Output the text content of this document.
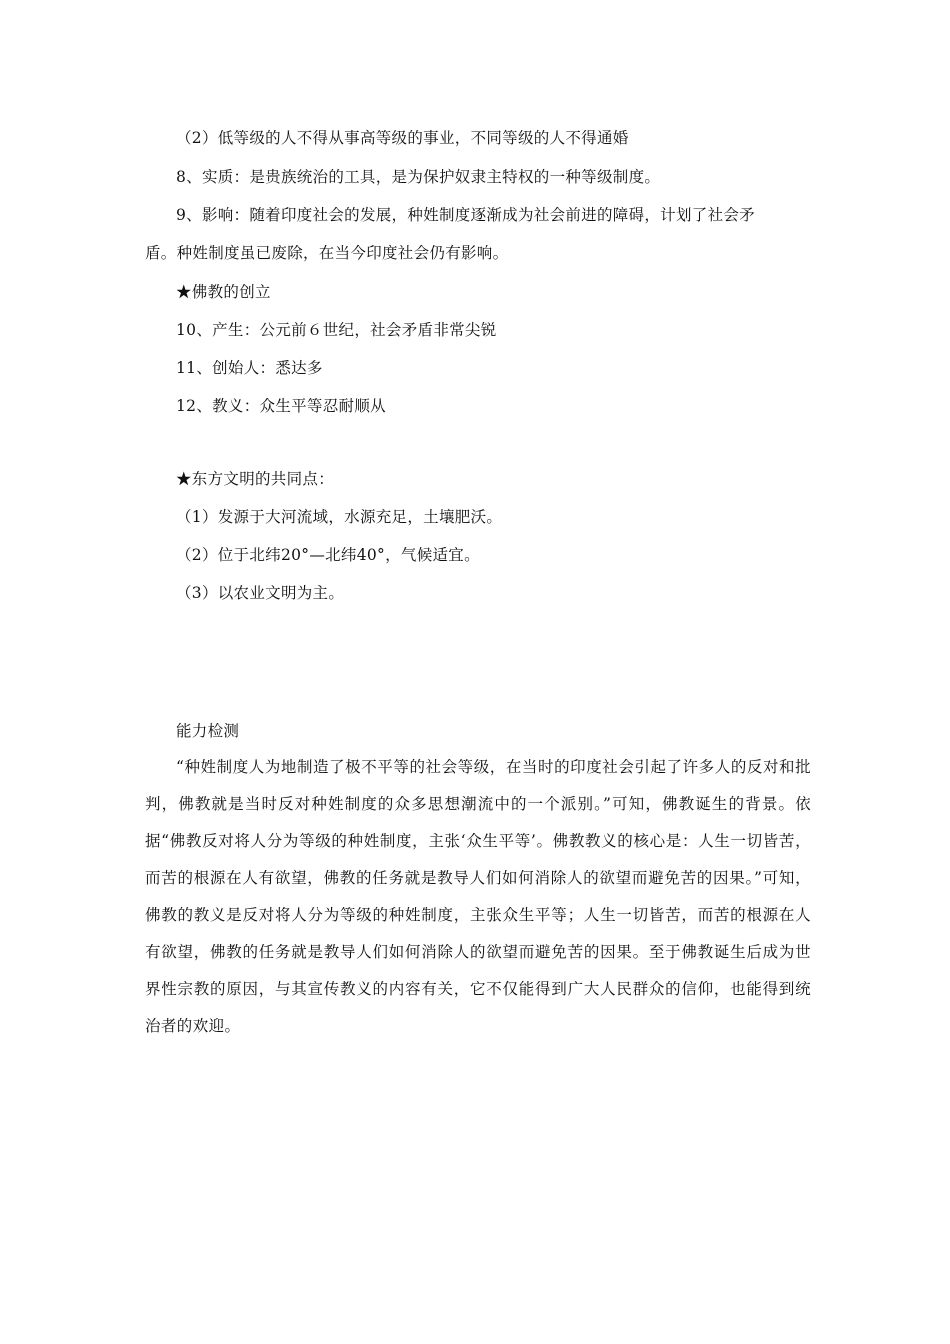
（2）低等级的人不得从事高等级的事业，不同等级的人不得通婚
8、实质：是贵族统治的工具，是为保护奴隶主特权的一种等级制度。
9、影响：随着印度社会的发展，种姓制度逐渐成为社会前进的障碍，计划了社会矛
盾。种姓制度虽已废除，在当今印度社会仍有影响。
★佛教的创立
10、产生：公元前６世纪，社会矛盾非常尖锐
11、创始人：悉达多
12、教义：众生平等忍耐顺从
★东方文明的共同点：
（1）发源于大河流域，水源充足，土壤肥沃。
（2）位于北纬20°—北纬40°，气候适宜。
（3）以农业文明为主。
能力检测

“种姓制度人为地制造了极不平等的社会等级，在当时的印度社会引起了许多人的反对和批判，佛教就是当时反对种姓制度的众多思想潮流中的一个派别。”可知，佛教诞生的背景。依据“佛教反对将人分为等级的种姓制度，主张‘众生平等’。佛教教义的核心是：人生一切皆苦，而苦的根源在人有欲望，佛教的任务就是教导人们如何消除人的欲望而避免苦的因果。”可知，佛教的教义是反对将人分为等级的种姓制度，主张众生平等；人生一切皆苦，而苦的根源在人有欲望，佛教的任务就是教导人们如何消除人的欲望而避免苦的因果。至于佛教诞生后成为世界性宗教的原因，与其宣传教义的内容有关，它不仅能得到广大人民群众的信仰，也能得到统治者的欢迎。
